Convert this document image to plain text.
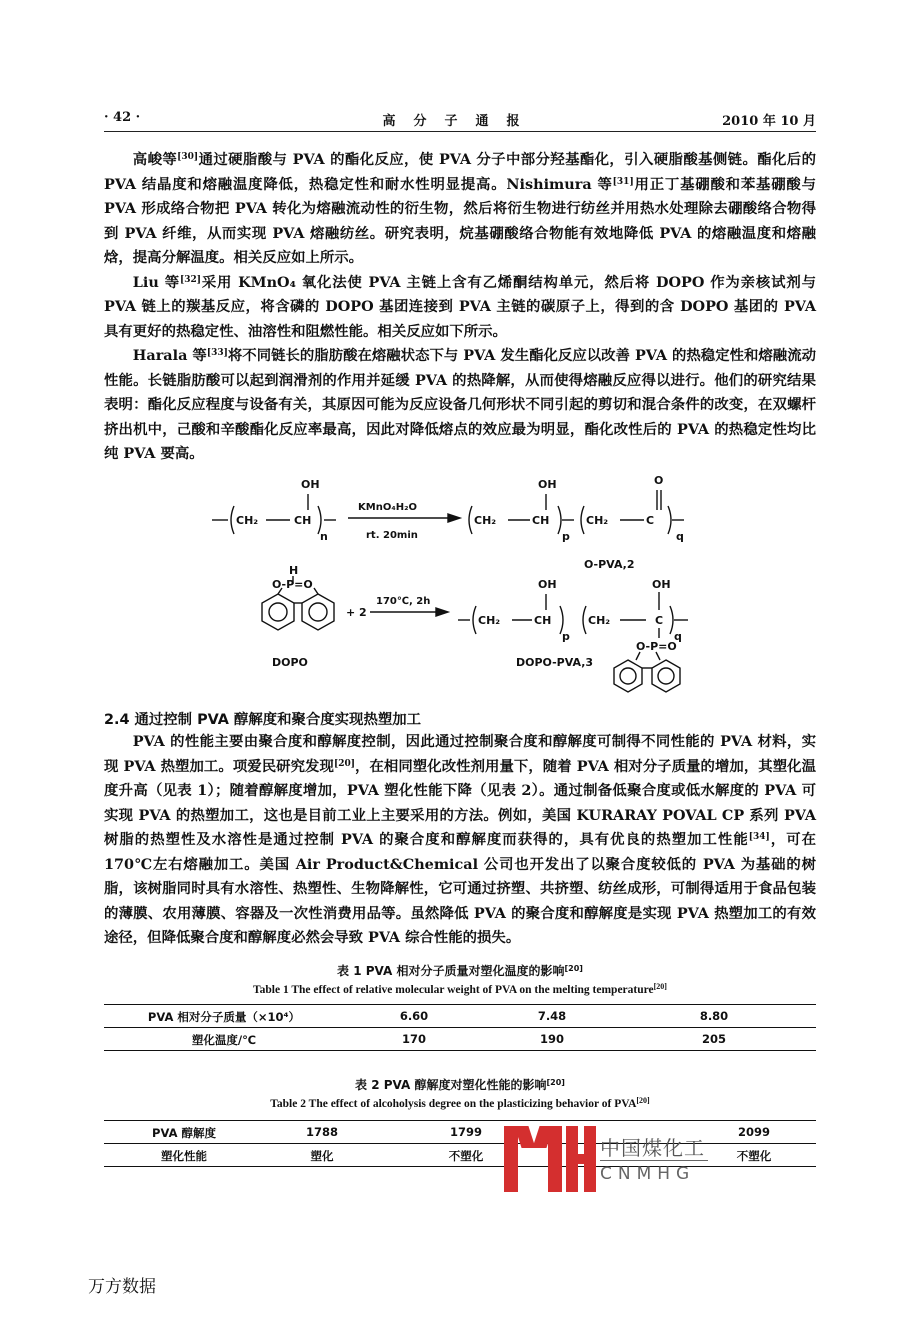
· 42 ·	高分子通报	2010 年 10 月

高峻等[30]通过硬脂酸与 PVA 的酯化反应，使 PVA 分子中部分羟基酯化，引入硬脂酸基侧链。酯化后的 PVA 结晶度和熔融温度降低，热稳定性和耐水性明显提高。Nishimura 等[31]用正丁基硼酸和苯基硼酸与 PVA 形成络合物把 PVA 转化为熔融流动性的衍生物，然后将衍生物进行纺丝并用热水处理除去硼酸络合物得到 PVA 纤维，从而实现 PVA 熔融纺丝。研究表明，烷基硼酸络合物能有效地降低 PVA 的熔融温度和熔融焓，提高分解温度。相关反应如上所示。

Liu 等[32]采用 KMnO₄ 氧化法使 PVA 主链上含有乙烯酮结构单元，然后将 DOPO 作为亲核试剂与 PVA 链上的羰基反应，将含磷的 DOPO 基团连接到 PVA 主链的碳原子上，得到的含 DOPO 基团的 PVA 具有更好的热稳定性、油溶性和阻燃性能。相关反应如下所示。

Harala 等[33]将不同链长的脂肪酸在熔融状态下与 PVA 发生酯化反应以改善 PVA 的热稳定性和熔融流动性能。长链脂肪酸可以起到润滑剂的作用并延缓 PVA 的热降解，从而使得熔融反应得以进行。他们的研究结果表明：酯化反应程度与设备有关，其原因可能为反应设备几何形状不同引起的剪切和混合条件的改变，在双螺杆挤出机中，己酸和辛酸酯化反应率最高，因此对降低熔点的效应最为明显，酯化改性后的 PVA 的热稳定性均比纯 PVA 要高。

OH
CH₂	CH
n
KMnO₄H₂O
rt. 20min
OH	O
CH₂	CH
p
CH₂	C
q
O-PVA,2
H
O-P=O
+ 2
170℃, 2h
DOPO
OH	OH
CH₂	CH
p
CH₂	C
q
O-P=O
DOPO-PVA,3
2.4 通过控制 PVA 醇解度和聚合度实现热塑加工

PVA 的性能主要由聚合度和醇解度控制，因此通过控制聚合度和醇解度可制得不同性能的 PVA 材料，实现 PVA 热塑加工。项爱民研究发现[20]，在相同塑化改性剂用量下，随着 PVA 相对分子质量的增加，其塑化温度升高（见表 1）；随着醇解度增加，PVA 塑化性能下降（见表 2）。通过制备低聚合度或低水解度的 PVA 可实现 PVA 的热塑加工，这也是目前工业上主要采用的方法。例如，美国 KURARAY POVAL CP 系列 PVA 树脂的热塑性及水溶性是通过控制 PVA 的聚合度和醇解度而获得的，具有优良的热塑加工性能[34]，可在 170℃左右熔融加工。美国 Air Product&Chemical 公司也开发出了以聚合度较低的 PVA 为基础的树脂，该树脂同时具有水溶性、热塑性、生物降解性，它可通过挤塑、共挤塑、纺丝成形，可制得适用于食品包装的薄膜、农用薄膜、容器及一次性消费用品等。虽然降低 PVA 的聚合度和醇解度是实现 PVA 热塑加工的有效途径，但降低聚合度和醇解度必然会导致 PVA 综合性能的损失。

表 1 PVA 相对分子质量对塑化温度的影响[20]
Table 1 The effect of relative molecular weight of PVA on the melting temperature[20]
PVA 相对分子质量（×10⁴）	6.60	7.48	8.80
塑化温度/℃	170	190	205
表 2 PVA 醇解度对塑化性能的影响[20]
Table 2 The effect of alcoholysis degree on the plasticizing behavior of PVA[20]
PVA 醇解度	1788	1799	2099
塑化性能	塑化	不塑化	不塑化
中国煤化工
CNMHG
万方数据
